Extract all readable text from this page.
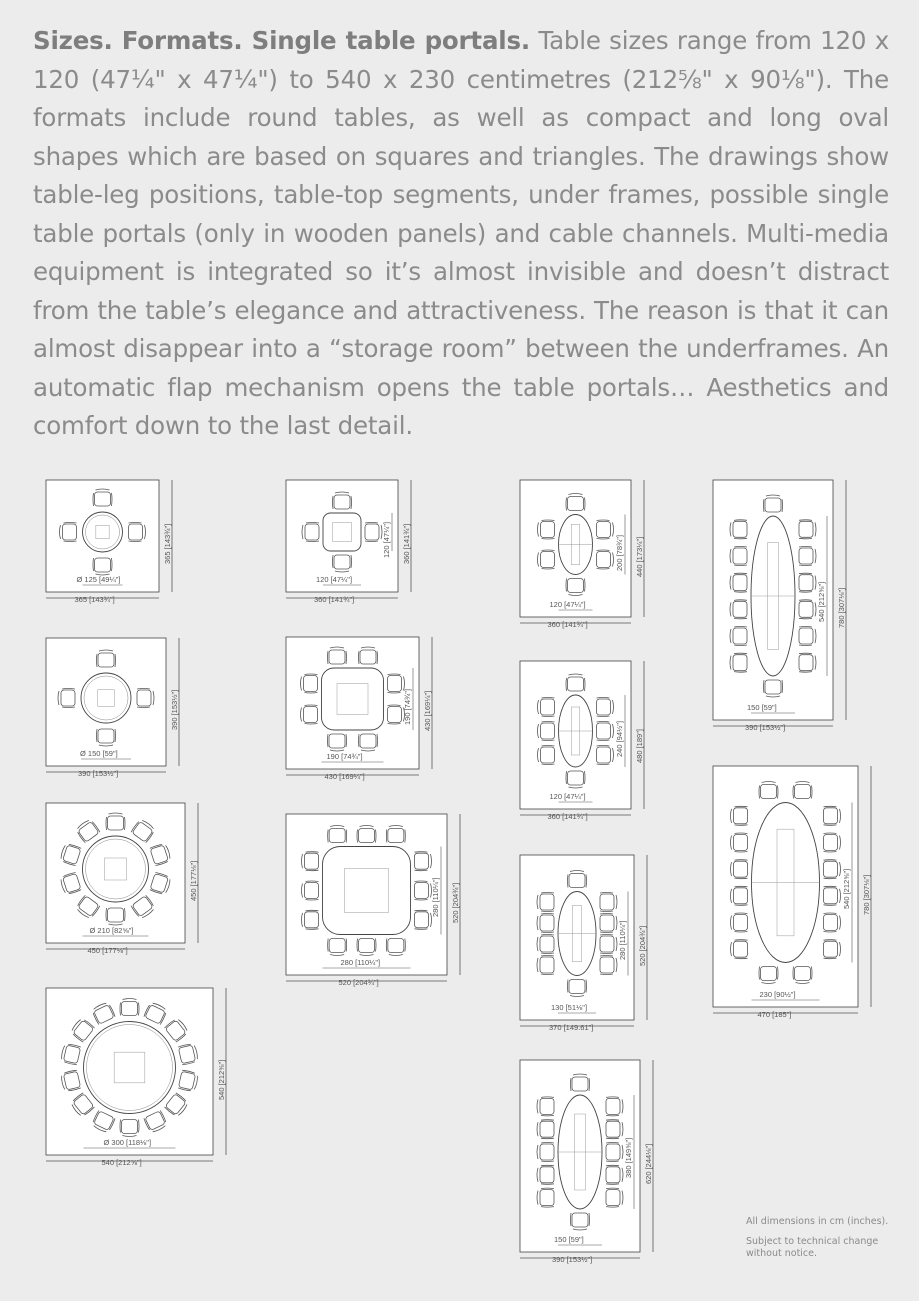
Sizes. Formats. Single table portals. Table sizes range from 120 x 120 (47¼" x 47¼") to 540 x 230 centimetres (212⅝" x 90⅛"). The formats include round tables, as well as compact and long oval shapes which are based on squares and triangles. The drawings show table-leg positions, table-top segments, under frames, possible single table portals (only in wooden panels) and cable channels. Multi-media equipment is integrated so it’s almost invisible and doesn’t distract from the table’s elegance and attractiveness. The reason is that it can almost disappear into a “storage room” between the underframes. An automatic flap mechanism opens the table portals… Aesthetics and comfort down to the last detail.
365 [143¾"]
Ø 125 [49¼"]
365 [143¾"]
390 [153½"]
Ø 150 [59"]
390 [153½"]
450 [177⅛"]
Ø 210 [82⅝"]
450 [177⅛"]
540 [212⅝"]
Ø 300 [118⅛"]
540 [212⅝"]
360 [141¾"]
120 [47¼"]
360 [141¾"]
120 [47¼"]
430 [169¼"]
190 [74¾"]
430 [169¼"]
190 [74¾"]
520 [204¾"]
280 [110¼"]
520 [204¾"]
280 [110¼"]
360 [141¾"]
120 [47¼"]
440 [173¼"]
200 [78¾"]
360 [141¾"]
120 [47¼"]
480 [189"]
240 [94½"]
370 [149.61"]
130 [51⅛"]
520 [204¾"]
280 [110¼"]
390 [153½"]
150 [59"]
620 [244⅛"]
380 [149⅝"]
390 [153½"]
150 [59"]
780 [307⅛"]
540 [212⅝"]
470 [185"]
230 [90½"]
780 [307⅛"]
540 [212⅝"]
All dimensions in cm (inches).
Subject to technical change without notice.
